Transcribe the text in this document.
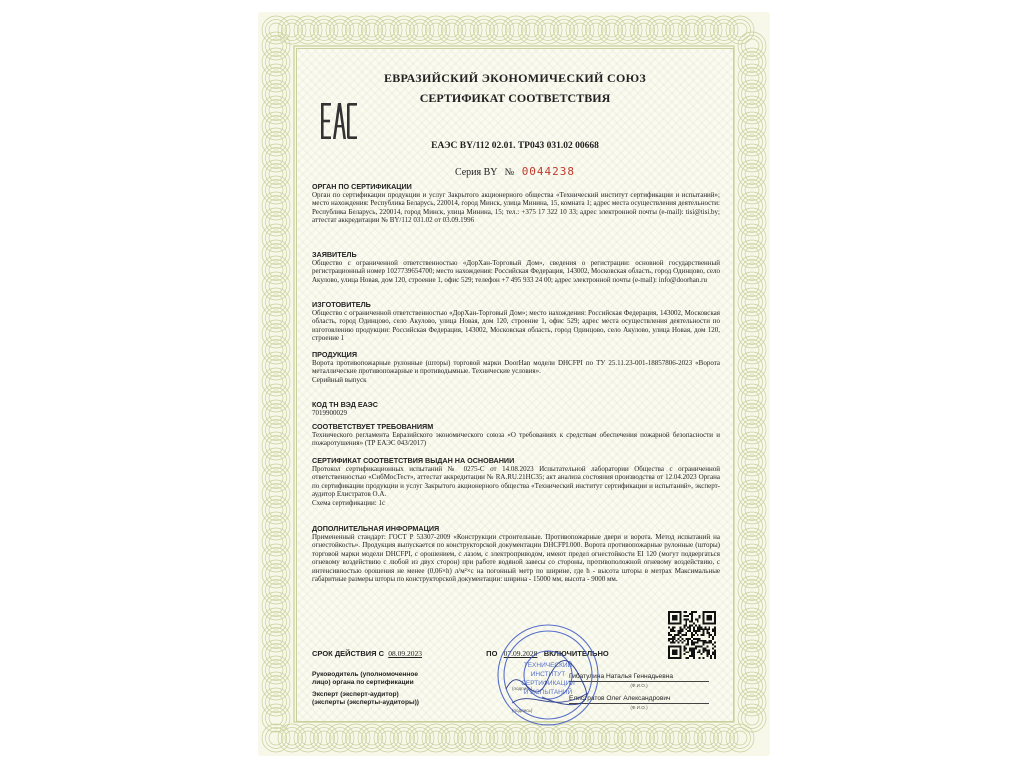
ЕВРАЗИЙСКИЙ ЭКОНОМИЧЕСКИЙ СОЮЗ
СЕРТИФИКАТ СООТВЕТСТВИЯ
ЕАЭС BY/112 02.01. ТР043 031.02 00668
Серия BY № 0044238
ОРГАН ПО СЕРТИФИКАЦИИ
Орган по сертификации продукции и услуг Закрытого акционерного общества «Технический институт сертификации и испытаний»; место нахождения: Республика Беларусь, 220014, город Минск, улица Минина, 15, комната 1; адрес места осуществления деятельности: Республика Беларусь, 220014, город Минск, улица Минина, 15; тел.: +375 17 322 10 33; адрес электронной почты (e-mail): tisi@tisi.by; аттестат аккредитации № BY/112 031.02 от 03.09.1996
ЗАЯВИТЕЛЬ
Общество с ограниченной ответственностью «ДорХан-Торговый Дом», сведения о регистрации: основной государственный регистрационный номер 1027739654700; место нахождения: Российская Федерация, 143002, Московская область, город Одинцово, село Акулово, улица Новая, дом 120, строение 1, офис 529; телефон +7 495 933 24 00; адрес электронной почты (e-mail): info@doorhan.ru
ИЗГОТОВИТЕЛЬ
Общество с ограниченной ответственностью «ДорХан-Торговый Дом»; место нахождения: Российская Федерация, 143002, Московская область, город Одинцово, село Акулово, улица Новая, дом 120, строение 1, офис 529; адрес места осуществления деятельности по изготовлению продукции: Российская Федерация, 143002, Московская область, город Одинцово, село Акулово, улица Новая, дом 120, строение 1
ПРОДУКЦИЯ
Ворота противопожарные рулонные (шторы) торговой марки DoorHan модели DHCFPI по ТУ 25.11.23-001-18857806-2023 «Ворота металлические противопожарные и противодымные. Технические условия».
Серийный выпуск
КОД ТН ВЭД ЕАЭС
7019900029
СООТВЕТСТВУЕТ ТРЕБОВАНИЯМ
Технического регламента Евразийского экономического союза «О требованиях к средствам обеспечения пожарной безопасности и пожаротушения» (ТР ЕАЭС 043/2017)
СЕРТИФИКАТ СООТВЕТСТВИЯ ВЫДАН НА ОСНОВАНИИ
Протокол сертификационных испытаний № 0275-С от 14.08.2023 Испытательной лаборатории Общества с ограниченной ответственностью «СибМосТест», аттестат аккредитации № RA.RU.21НС35; акт анализа состояния производства от 12.04.2023 Органа по сертификации продукции и услуг Закрытого акционерного общества «Технический институт сертификации и испытаний», эксперт-аудитор Елистратов О.А.
Схема сертификации: 1с
ДОПОЛНИТЕЛЬНАЯ ИНФОРМАЦИЯ
Примененный стандарт: ГОСТ Р 53307-2009 «Конструкции строительные. Противопожарные двери и ворота. Метод испытаний на огнестойкость». Продукция выпускается по конструкторской документации DHCFPI.000. Ворота противопожарные рулонные (шторы) торговой марки модели DHCFPI, с орошением, с лазом, с электроприводом, имеют предел огнестойкости EI 120 (могут подвергаться огневому воздействию с любой из двух сторон) при работе водяной завесы со стороны, противоположной огневому воздействию, с интенсивностью орошения не менее (0,06×h) л/м²×с на погонный метр по ширине, где h - высота шторы в метрах Максимальные габаритные размеры шторы по конструкторской документации: ширина - 15000 мм, высота - 9000 мм.
СРОК ДЕЙСТВИЯ С 08.09.2023	ПО 07.09.2028 ВКЛЮЧИТЕЛЬНО
Руководитель (уполномоченное
лицо) органа по сертификации
(подпись)
Гибатулина Наталья Геннадьевна
(Ф.И.О.)
Эксперт (эксперт-аудитор)
(эксперты (эксперты-аудиторы))
(подпись)
Елистратов Олег Александрович
(Ф.И.О.)
ТЕХНИЧЕСКИЙ
ИНСТИТУТ
СЕРТИФИКАЦИИ
И ИСПЫТАНИЙ
